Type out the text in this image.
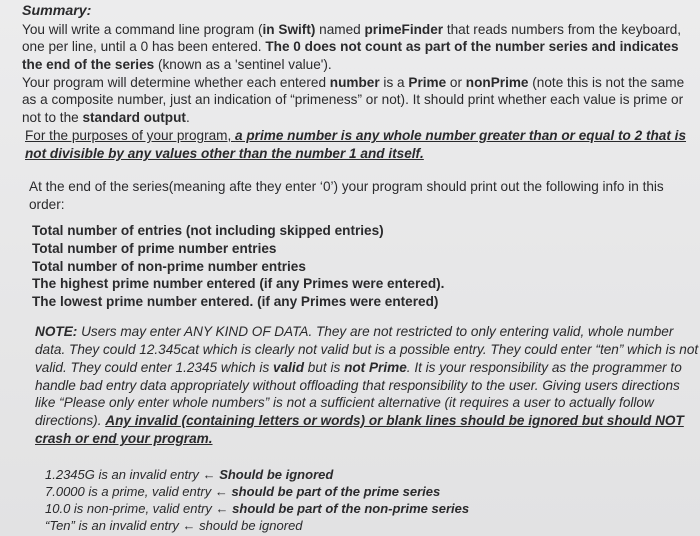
Summary:
You will write a command line program (in Swift) named primeFinder that reads numbers from the keyboard,
one per line, until a 0 has been entered. The 0 does not count as part of the number series and indicates
the end of the series (known as a 'sentinel value').
Your program will determine whether each entered number is a Prime or nonPrime (note this is not the same
as a composite number, just an indication of “primeness” or not). It should print whether each value is prime or
not to the standard output.
For the purposes of your program, a prime number is any whole number greater than or equal to 2 that is
not divisible by any values other than the number 1 and itself.
At the end of the series(meaning afte they enter ‘0’) your program should print out the following info in this
order:
Total number of entries (not including skipped entries)
Total number of prime number entries
Total number of non-prime number entries
The highest prime number entered (if any Primes were entered).
The lowest prime number entered. (if any Primes were entered)
NOTE: Users may enter ANY KIND OF DATA. They are not restricted to only entering valid, whole number
data. They could 12.345cat which is clearly not valid but is a possible entry. They could enter “ten” which is not
valid. They could enter 1.2345 which is valid but is not Prime. It is your responsibility as the programmer to
handle bad entry data appropriately without offloading that responsibility to the user. Giving users directions
like “Please only enter whole numbers” is not a sufficient alternative (it requires a user to actually follow
directions). Any invalid (containing letters or words) or blank lines should be ignored but should NOT
crash or end your program.
1.2345G is an invalid entry ← Should be ignored
7.0000 is a prime, valid entry ← should be part of the prime series
10.0 is non-prime, valid entry ← should be part of the non-prime series
“Ten” is an invalid entry ← should be ignored
